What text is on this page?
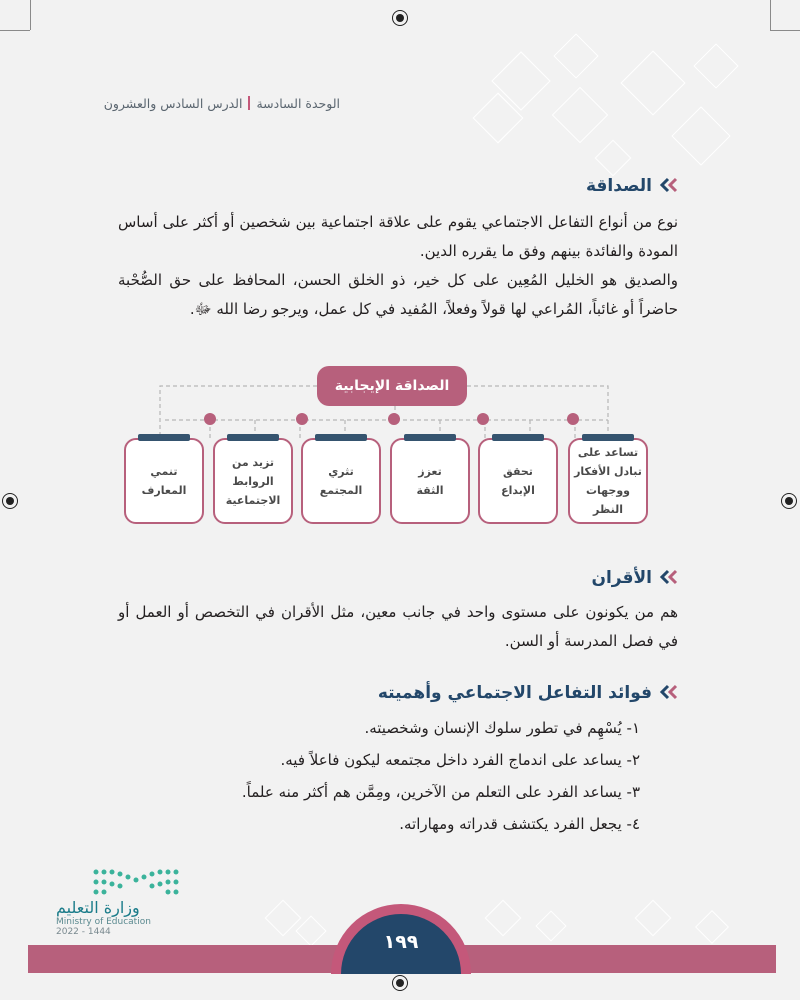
الوحدة السادسةالدرس السادس والعشرون
الصداقة

نوع من أنواع التفاعل الاجتماعي يقوم على علاقة اجتماعية بين شخصين أو أكثر على أساس المودة والفائدة بينهم وفق ما يقرره الدين.

والصديق هو الخليل المُعِين على كل خير، ذو الخلق الحسن، المحافظ على حق الصُّحْبة حاضراً أو غائباً، المُراعي لها قولاً وفعلاً، المُفيد في كل عمل، ويرجو رضا الله ﷻ.

الصداقة الإيجابية
تساعد على
تبادل الأفكار
ووجهات النظر
تحقق
الإبداع
تعزز
الثقة
تثري
المجتمع
تزيد من
الروابط
الاجتماعية
تنمي
المعارف
الأقران

هم من يكونون على مستوى واحد في جانب معين، مثل الأقران في التخصص أو العمل أو في فصل المدرسة أو السن.

فوائد التفاعل الاجتماعي وأهميته
١- يُسْهِم في تطور سلوك الإنسان وشخصيته.
٢- يساعد على اندماج الفرد داخل مجتمعه ليكون فاعلاً فيه.
٣- يساعد الفرد على التعلم من الآخرين، ومِمَّن هم أكثر منه علماً.
٤- يجعل الفرد يكتشف قدراته ومهاراته.
١٩٩
وزارة التعليم
Ministry of Education
2022 - 1444
